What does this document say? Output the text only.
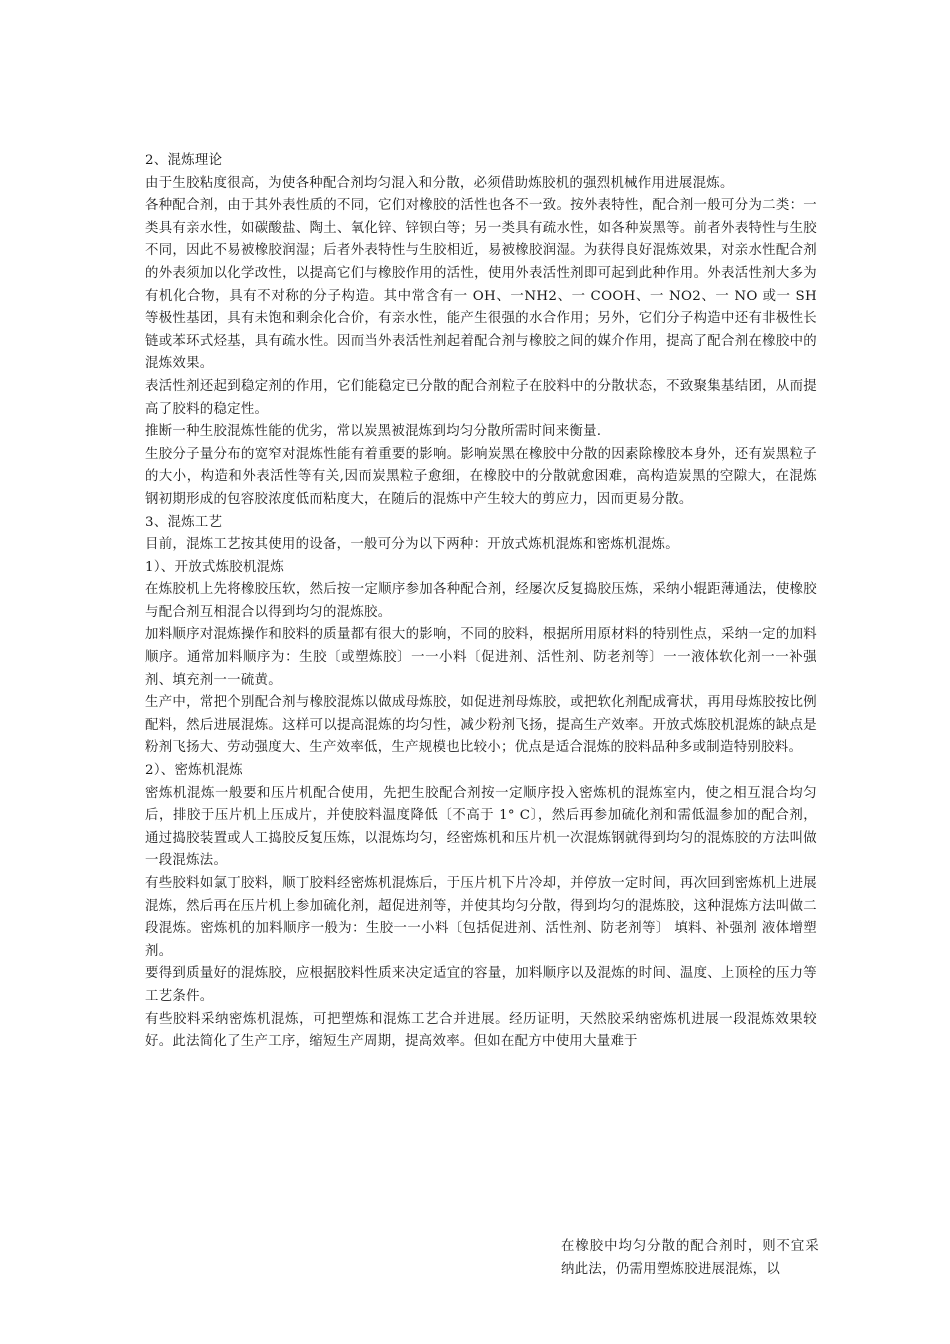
2、混炼理论

由于生胶粘度很高，为使各种配合剂均匀混入和分散，必须借助炼胶机的强烈机械作用进展混炼。

各种配合剂，由于其外表性质的不同，它们对橡胶的活性也各不一致。按外表特性，配合剂一般可分为二类：一类具有亲水性，如碳酸盐、陶土、氧化锌、锌钡白等；另一类具有疏水性，如各种炭黑等。前者外表特性与生胶不同，因此不易被橡胶润湿；后者外表特性与生胶相近，易被橡胶润湿。为获得良好混炼效果，对亲水性配合剂的外表须加以化学改性，以提高它们与橡胶作用的活性，使用外表活性剂即可起到此种作用。外表活性剂大多为有机化合物，具有不对称的分子构造。其中常含有一 OH、一NH2、一 COOH、一 NO2、一 NO 或一 SH 等极性基团，具有未饱和剩余化合价，有亲水性，能产生很强的水合作用；另外，它们分子构造中还有非极性长链或苯环式烃基，具有疏水性。因而当外表活性剂起着配合剂与橡胶之间的媒介作用，提高了配合剂在橡胶中的混炼效果。

表活性剂还起到稳定剂的作用，它们能稳定已分散的配合剂粒子在胶料中的分散状态，不致聚集基结团，从而提高了胶料的稳定性。

推断一种生胶混炼性能的优劣，常以炭黑被混炼到均匀分散所需时间来衡量.

生胶分子量分布的宽窄对混炼性能有着重要的影响。影响炭黑在橡胶中分散的因素除橡胶本身外，还有炭黑粒子的大小，构造和外表活性等有关,因而炭黑粒子愈细，在橡胶中的分散就愈困难，高构造炭黑的空隙大，在混炼钢初期形成的包容胶浓度低而粘度大，在随后的混炼中产生较大的剪应力，因而更易分散。

3、混炼工艺

目前，混炼工艺按其使用的设备，一般可分为以下两种：开放式炼机混炼和密炼机混炼。

1）、开放式炼胶机混炼

在炼胶机上先将橡胶压软，然后按一定顺序参加各种配合剂，经屡次反复捣胶压炼，采纳小辊距薄通法，使橡胶与配合剂互相混合以得到均匀的混炼胶。

加料顺序对混炼操作和胶料的质量都有很大的影响，不同的胶料，根据所用原材料的特别性点，采纳一定的加料顺序。通常加料顺序为：生胶〔或塑炼胶〕一一小料〔促进剂、活性剂、防老剂等〕一一液体软化剂一一补强剂、填充剂一一硫黄。

生产中，常把个别配合剂与橡胶混炼以做成母炼胶，如促进剂母炼胶，或把软化剂配成膏状，再用母炼胶按比例配料，然后进展混炼。这样可以提高混炼的均匀性，减少粉剂飞扬，提高生产效率。开放式炼胶机混炼的缺点是粉剂飞扬大、劳动强度大、生产效率低，生产规模也比较小；优点是适合混炼的胶料品种多或制造特别胶料。

2）、密炼机混炼

密炼机混炼一般要和压片机配合使用，先把生胶配合剂按一定顺序投入密炼机的混炼室内，使之相互混合均匀后，排胶于压片机上压成片，并使胶料温度降低〔不高于 1° C〕，然后再参加硫化剂和需低温参加的配合剂，通过捣胶装置或人工捣胶反复压炼，以混炼均匀，经密炼机和压片机一次混炼钢就得到均匀的混炼胶的方法叫做一段混炼法。

有些胶料如氯丁胶料，顺丁胶料经密炼机混炼后，于压片机下片冷却，并停放一定时间，再次回到密炼机上进展混炼，然后再在压片机上参加硫化剂，超促进剂等，并使其均匀分散，得到均匀的混炼胶，这种混炼方法叫做二段混炼。密炼机的加料顺序一般为：生胶一一小料〔包括促进剂、活性剂、防老剂等〕 填料、补强剂 液体增塑剂。

要得到质量好的混炼胶，应根据胶料性质来决定适宜的容量，加料顺序以及混炼的时间、温度、上顶栓的压力等工艺条件。

有些胶料采纳密炼机混炼，可把塑炼和混炼工艺合并进展。经历证明，天然胶采纳密炼机进展一段混炼效果较好。此法简化了生产工序，缩短生产周期，提高效率。但如在配方中使用大量难于

在橡胶中均匀分散的配合剂时，则不宜采纳此法，仍需用塑炼胶进展混炼，以
